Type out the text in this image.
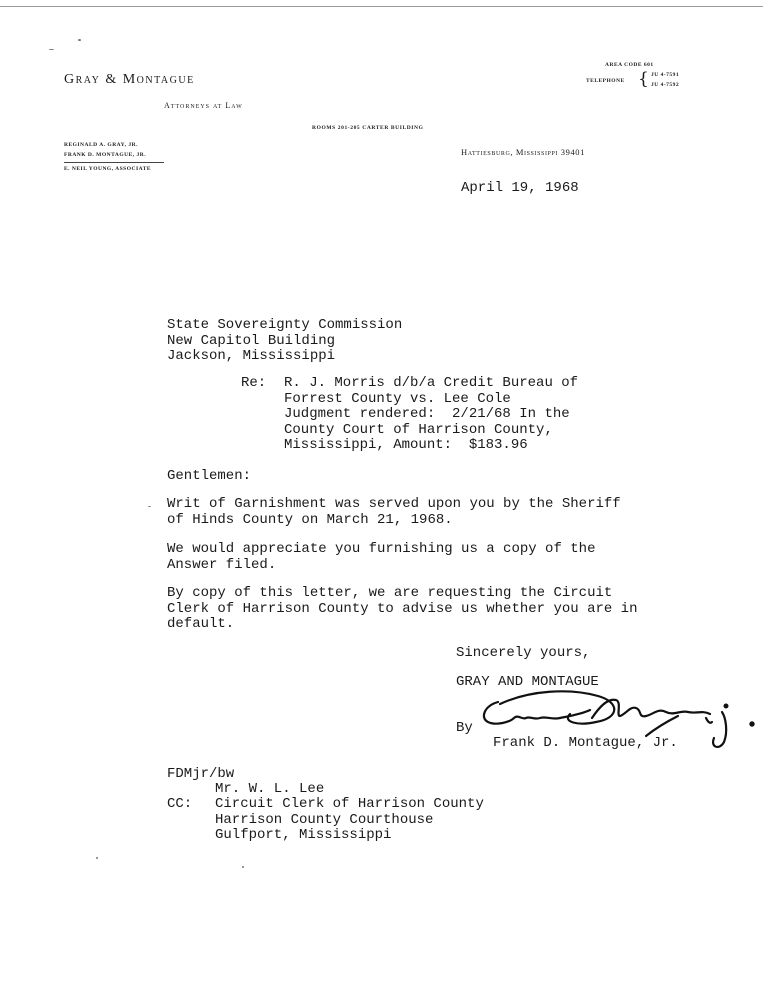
Gray & Montague
Attorneys at Law
ROOMS 201-205 CARTER BUILDING
REGINALD A. GRAY, JR.
FRANK D. MONTAGUE, JR.
E. NEIL YOUNG, ASSOCIATE
AREA CODE 601
TELEPHONE { JU 4-7591
JU 4-7592
Hattiesburg, Mississippi 39401
April 19, 1968
State Sovereignty Commission
New Capitol Building
Jackson, Mississippi
Re: R. J. Morris d/b/a Credit Bureau of
Forrest County vs. Lee Cole
Judgment rendered:  2/21/68 In the
County Court of Harrison County,
Mississippi, Amount:  $183.96
Gentlemen:
Writ of Garnishment was served upon you by the Sheriff
of Hinds County on March 21, 1968.
We would appreciate you furnishing us a copy of the
Answer filed.
By copy of this letter, we are requesting the Circuit
Clerk of Harrison County to advise us whether you are in
default.
Sincerely yours,
GRAY AND MONTAGUE
By
Frank D. Montague, Jr.
FDMjr/bw
Mr. W. L. Lee
CC: Circuit Clerk of Harrison County
Harrison County Courthouse
Gulfport, Mississippi
